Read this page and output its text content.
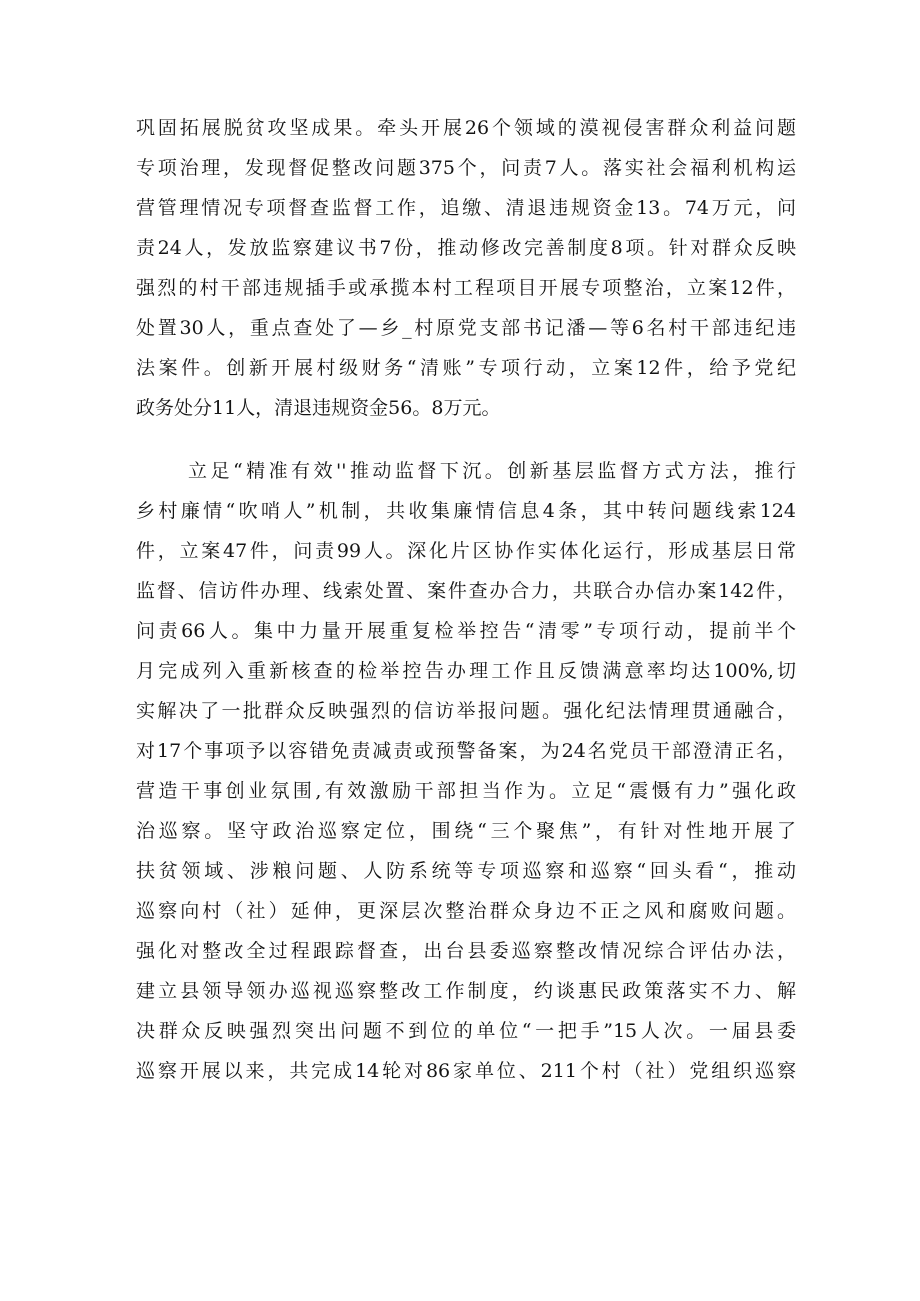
巩固拓展脱贫攻坚成果。牵头开展26个领域的漠视侵害群众利益问题
专项治理，发现督促整改问题375个，问责7人。落实社会福利机构运
营管理情况专项督查监督工作，追缴、清退违规资金13。74万元，问
责24人，发放监察建议书7份，推动修改完善制度8项。针对群众反映
强烈的村干部违规插手或承揽本村工程项目开展专项整治，立案12件，
处置30人，重点查处了—乡_村原党支部书记潘—等6名村干部违纪违
法案件。创新开展村级财务“清账”专项行动，立案12件，给予党纪
政务处分11人，清退违规资金56。8万元。
立足“精准有效''推动监督下沉。创新基层监督方式方法，推行
乡村廉情“吹哨人”机制，共收集廉情信息4条，其中转问题线索124
件，立案47件，问责99人。深化片区协作实体化运行，形成基层日常
监督、信访件办理、线索处置、案件查办合力，共联合办信办案142件，
问责66人。集中力量开展重复检举控告“清零”专项行动，提前半个
月完成列入重新核查的检举控告办理工作且反馈满意率均达100%,切
实解决了一批群众反映强烈的信访举报问题。强化纪法情理贯通融合，
对17个事项予以容错免责减责或预警备案，为24名党员干部澄清正名，
营造干事创业氛围,有效激励干部担当作为。立足“震慑有力”强化政
治巡察。坚守政治巡察定位，围绕“三个聚焦”，有针对性地开展了
扶贫领域、涉粮问题、人防系统等专项巡察和巡察“回头看“，推动
巡察向村（社）延伸，更深层次整治群众身边不正之风和腐败问题。
强化对整改全过程跟踪督查，出台县委巡察整改情况综合评估办法，
建立县领导领办巡视巡察整改工作制度，约谈惠民政策落实不力、解
决群众反映强烈突出问题不到位的单位“一把手”15人次。一届县委
巡察开展以来，共完成14轮对86家单位、211个村（社）党组织巡察
